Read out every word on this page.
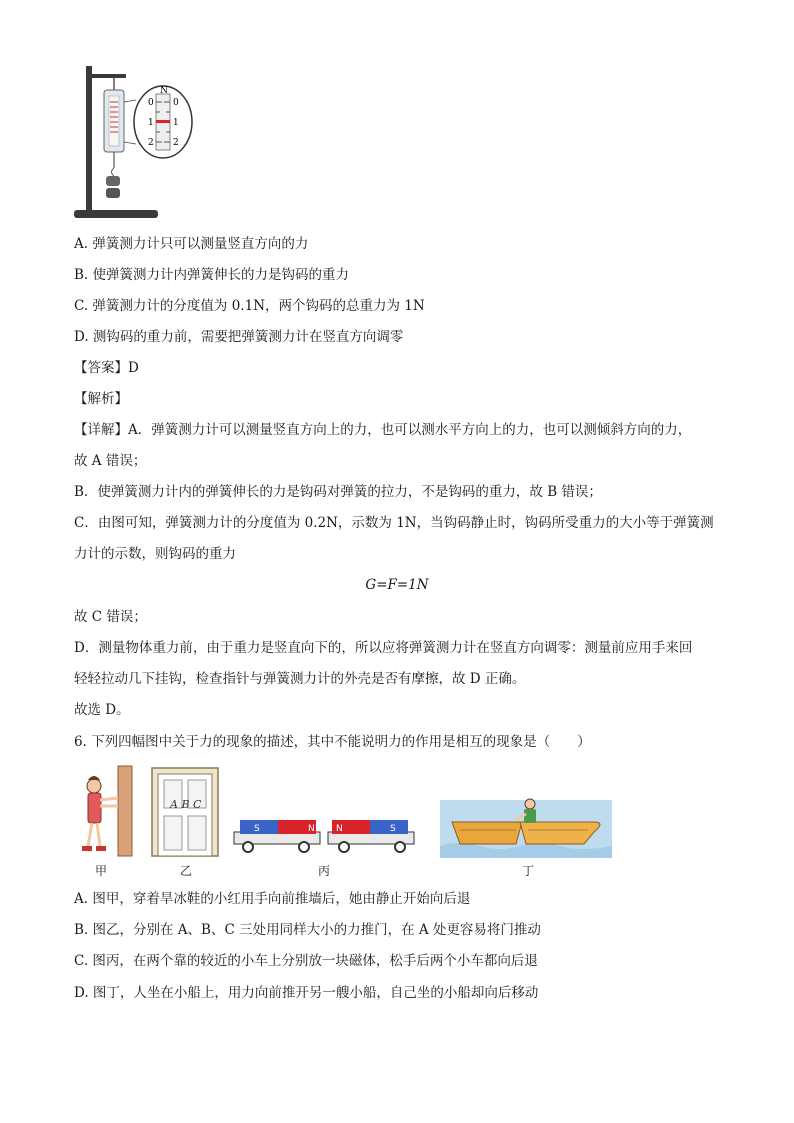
N
0
1
2
0
1
2
A. 弹簧测力计只可以测量竖直方向的力
B. 使弹簧测力计内弹簧伸长的力是钩码的重力
C. 弹簧测力计的分度值为 0.1N，两个钩码的总重力为 1N
D. 测钩码的重力前，需要把弹簧测力计在竖直方向调零
【答案】D
【解析】
【详解】A．弹簧测力计可以测量竖直方向上的力，也可以测水平方向上的力，也可以测倾斜方向的力，
故 A 错误；
B．使弹簧测力计内的弹簧伸长的力是钩码对弹簧的拉力，不是钩码的重力，故 B 错误；
C．由图可知，弹簧测力计的分度值为 0.2N，示数为 1N，当钩码静止时，钩码所受重力的大小等于弹簧测
力计的示数，则钩码的重力
G=F=1N
故 C 错误；
D．测量物体重力前，由于重力是竖直向下的，所以应将弹簧测力计在竖直方向调零：测量前应用手来回
轻轻拉动几下挂钩，检查指针与弹簧测力计的外壳是否有摩擦，故 D 正确。
故选 D。
6. 下列四幅图中关于力的现象的描述，其中不能说明力的作用是相互的现象是（　　）
甲
A B C
乙
S	N N	S
丙	丁
A. 图甲，穿着旱冰鞋的小红用手向前推墙后，她由静止开始向后退
B. 图乙，分别在 A、B、C 三处用同样大小的力推门，在 A 处更容易将门推动
C. 图丙，在两个靠的较近的小车上分别放一块磁体，松手后两个小车都向后退
D. 图丁，人坐在小船上，用力向前推开另一艘小船，自己坐的小船却向后移动
